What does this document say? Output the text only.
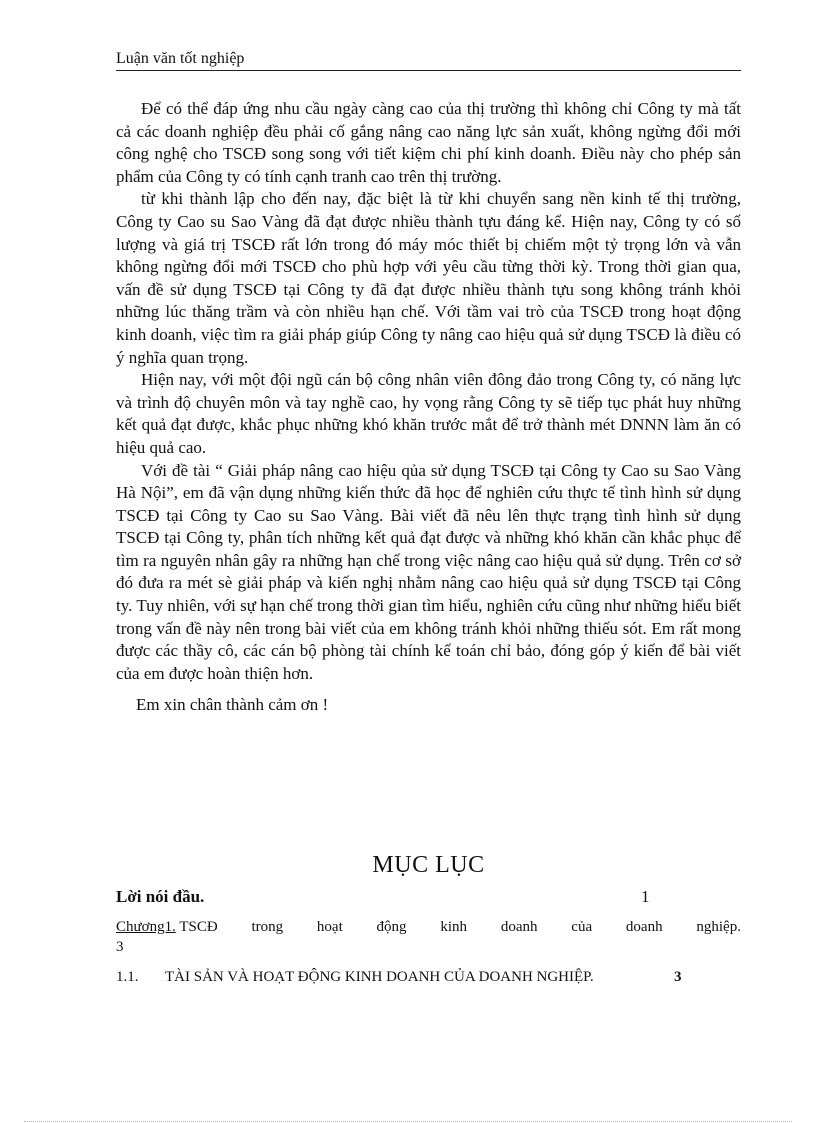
Luận văn tốt nghiệp

Để có thể đáp ứng nhu cầu ngày càng cao của thị trường thì không chỉ Công ty mà tất cả các doanh nghiệp đều phải cố gắng nâng cao năng lực sản xuất, không ngừng đổi mới công nghệ cho TSCĐ song song với tiết kiệm chi phí kinh doanh. Điều này cho phép sản phẩm của Công ty có tính cạnh tranh cao trên thị trường.

từ khi thành lập cho đến nay, đặc biệt là từ khi chuyển sang nền kinh tế thị trường, Công ty Cao su Sao Vàng đã đạt được nhiều thành tựu đáng kể. Hiện nay, Công ty có số lượng và giá trị TSCĐ rất lớn trong đó máy móc thiết bị chiếm một tỷ trọng lớn và vẫn không ngừng đổi mới TSCĐ cho phù hợp với yêu cầu từng thời kỳ. Trong thời gian qua, vấn đề sử dụng TSCĐ tại Công ty đã đạt được nhiều thành tựu song không tránh khỏi những lúc thăng trầm và còn nhiều hạn chế. Với tầm vai trò của TSCĐ trong hoạt động kinh doanh, việc tìm ra giải pháp giúp Công ty nâng cao hiệu quả sử dụng TSCĐ là điều có ý nghĩa quan trọng.

Hiện nay, với một đội ngũ cán bộ công nhân viên đông đảo trong Công ty, có năng lực và trình độ chuyên môn và tay nghề cao, hy vọng rằng Công ty sẽ tiếp tục phát huy những kết quả đạt được, khắc phục những khó khăn trước mắt để trở thành mét DNNN làm ăn có hiệu quả cao.

Với đề tài “ Giải pháp nâng cao hiệu qủa sử dụng TSCĐ tại Công ty Cao su Sao Vàng Hà Nội”, em đã vận dụng những kiến thức đã học để nghiên cứu thực tế tình hình sử dụng TSCĐ tại Công ty Cao su Sao Vàng. Bài viết đã nêu lên thực trạng tình hình sử dụng TSCĐ tại Công ty, phân tích những kết quả đạt được và những khó khăn cần khắc phục để tìm ra nguyên nhân gây ra những hạn chế trong việc nâng cao hiệu quả sử dụng. Trên cơ sở đó đưa ra mét sè giải pháp và kiến nghị nhằm nâng cao hiệu quả sử dụng TSCĐ tại Công ty. Tuy nhiên, với sự hạn chế trong thời gian tìm hiểu, nghiên cứu cũng như những hiểu biết trong vấn đề này nên trong bài viết của em không tránh khỏi những thiếu sót. Em rất mong được các thầy cô, các cán bộ phòng tài chính kế toán chỉ bảo, đóng góp ý kiến để bài viết của em được hoàn thiện hơn.

Em xin chân thành cảm ơn !
MỤC LỤC
Lời nói đầu.	1
Chương1. TSCĐ trong hoạt động kinh doanh của doanh nghiệp.
3
1.1. TÀI SẢN VÀ HOẠT ĐỘNG KINH DOANH CỦA DOANH NGHIỆP.	3
